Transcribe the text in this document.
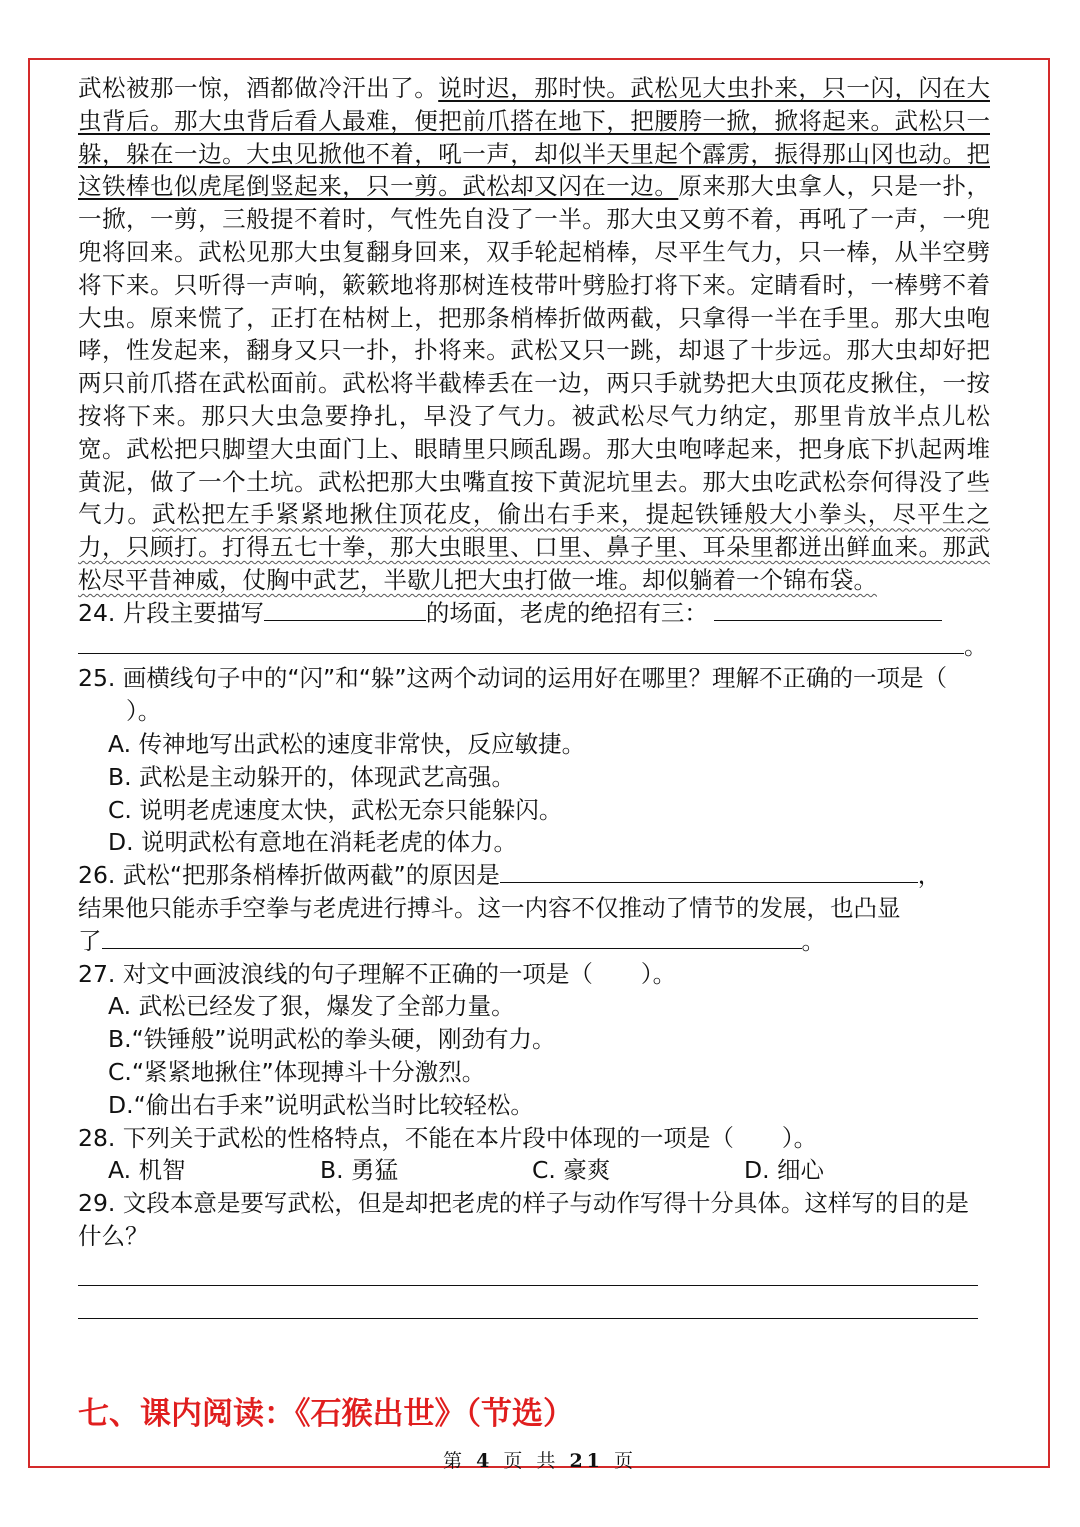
武松被那一惊，酒都做冷汗出了。说时迟，那时快。武松见大虫扑来，只一闪，闪在大虫背后。那大虫背后看人最难，便把前爪搭在地下，把腰胯一掀，掀将起来。武松只一躲，躲在一边。大虫见掀他不着，吼一声，却似半天里起个霹雳，振得那山冈也动。把这铁棒也似虎尾倒竖起来，只一剪。武松却又闪在一边。原来那大虫拿人，只是一扑，一掀，一剪，三般提不着时，气性先自没了一半。那大虫又剪不着，再吼了一声，一兜兜将回来。武松见那大虫复翻身回来，双手轮起梢棒，尽平生气力，只一棒，从半空劈将下来。只听得一声响，簌簌地将那树连枝带叶劈脸打将下来。定睛看时，一棒劈不着大虫。原来慌了，正打在枯树上，把那条梢棒折做两截，只拿得一半在手里。那大虫咆哮，性发起来，翻身又只一扑，扑将来。武松又只一跳，却退了十步远。那大虫却好把两只前爪搭在武松面前。武松将半截棒丢在一边，两只手就势把大虫顶花皮揪住，一按按将下来。那只大虫急要挣扎，早没了气力。被武松尽气力纳定，那里肯放半点儿松宽。武松把只脚望大虫面门上、眼睛里只顾乱踢。那大虫咆哮起来，把身底下扒起两堆黄泥，做了一个土坑。武松把那大虫嘴直按下黄泥坑里去。那大虫吃武松奈何得没了些气力。武松把左手紧紧地揪住顶花皮，偷出右手来，提起铁锤般大小拳头，尽平生之力，只顾打。打得五七十拳，那大虫眼里、口里、鼻子里、耳朵里都迸出鲜血来。那武松尽平昔神威，仗胸中武艺，半歇儿把大虫打做一堆。却似躺着一个锦布袋。

24. 片段主要描写	的场面，老虎的绝招有三：
。
25. 画横线句子中的“闪”和“躲”这两个动词的运用好在哪里？理解不正确的一项是（）。
A. 传神地写出武松的速度非常快，反应敏捷。
B. 武松是主动躲开的，体现武艺高强。
C. 说明老虎速度太快，武松无奈只能躲闪。
D. 说明武松有意地在消耗老虎的体力。
26. 武松“把那条梢棒折做两截”的原因是	，
结果他只能赤手空拳与老虎进行搏斗。这一内容不仅推动了情节的发展，也凸显
了	。
27. 对文中画波浪线的句子理解不正确的一项是（ ）。
A. 武松已经发了狠，爆发了全部力量。
B.“铁锤般”说明武松的拳头硬，刚劲有力。
C.“紧紧地揪住”体现搏斗十分激烈。
D.“偷出右手来”说明武松当时比较轻松。
28. 下列关于武松的性格特点，不能在本片段中体现的一项是（ ）。
A. 机智	B. 勇猛	C. 豪爽	D. 细心
29. 文段本意是要写武松，但是却把老虎的样子与动作写得十分具体。这样写的目的是什么？
七、课内阅读：《石猴出世》（节选）
第 4 页 共 21 页
